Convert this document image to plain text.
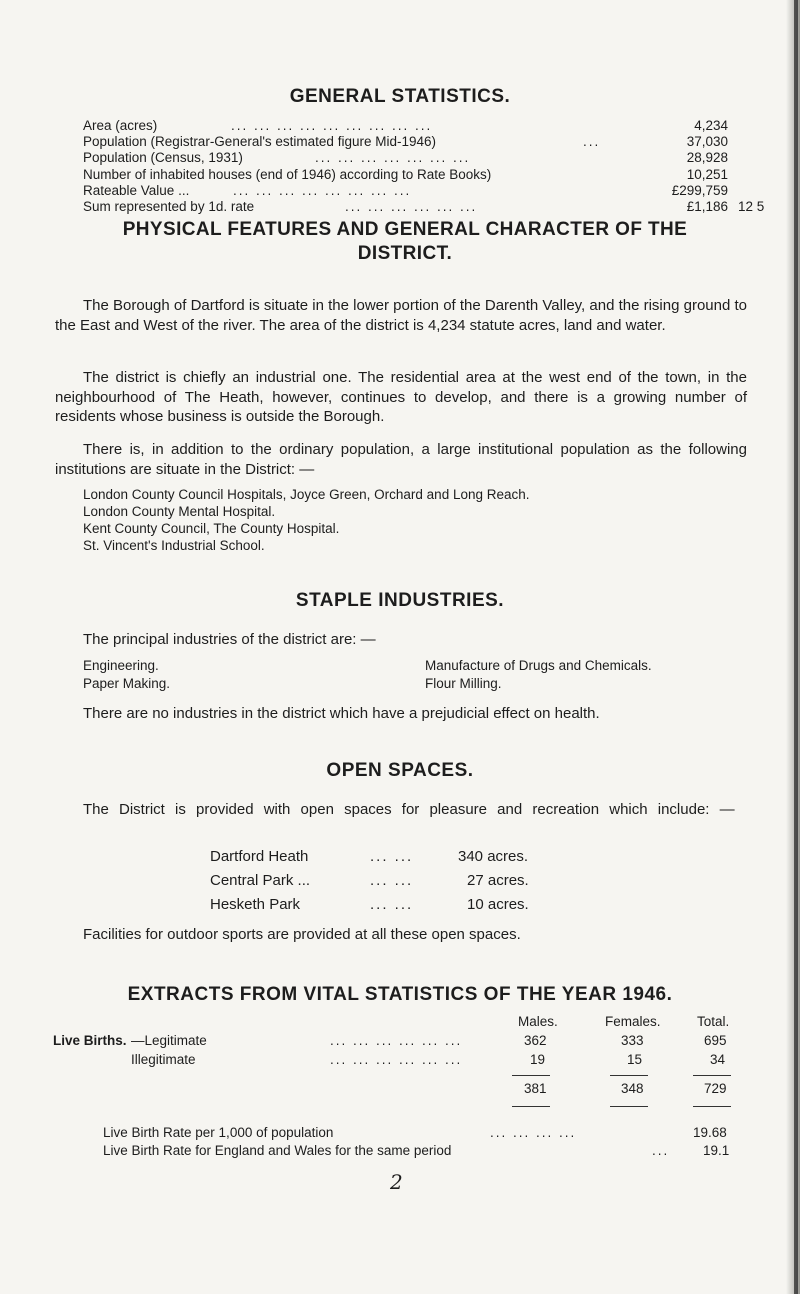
GENERAL STATISTICS.
Area (acres)	... ... ... ... ... ... ... ... ...	4,234
Population (Registrar-General's estimated figure Mid-1946)	...	37,030
Population (Census, 1931)	... ... ... ... ... ... ...	28,928
Number of inhabited houses (end of 1946) according to Rate Books)	10,251
Rateable Value ...	... ... ... ... ... ... ... ...	£299,759
Sum represented by 1d. rate	... ... ... ... ... ...	£1,186 12 5
PHYSICAL FEATURES AND GENERAL CHARACTER OF THE
DISTRICT.

The Borough of Dartford is situate in the lower portion of the Darenth Valley, and the rising ground to the East and West of the river. The area of the district is 4,234 statute acres, land and water.

The district is chiefly an industrial one. The residential area at the west end of the town, in the neighbourhood of The Heath, however, continues to develop, and there is a growing number of residents whose business is outside the Borough.

There is, in addition to the ordinary population, a large institutional population as the following institutions are situate in the District: —

London County Council Hospitals, Joyce Green, Orchard and Long Reach.
London County Mental Hospital.
Kent County Council, The County Hospital.
St. Vincent's Industrial School.
STAPLE INDUSTRIES.

The principal industries of the district are: —

Engineering.
Paper Making.
Manufacture of Drugs and Chemicals.
Flour Milling.

There are no industries in the district which have a prejudicial effect on health.

OPEN SPACES.

The District is provided with open spaces for pleasure and recreation which include: —

Dartford Heath	... ...	340 acres.
Central Park ...	... ...	27 acres.
Hesketh Park	... ...	10 acres.

Facilities for outdoor sports are provided at all these open spaces.

EXTRACTS FROM VITAL STATISTICS OF THE YEAR 1946.
Males.	Females.	Total.
Live Births. —Legitimate	... ... ... ... ... ...	362	333	695
Illegitimate	... ... ... ... ... ...	19	15	34
381	348	729
Live Birth Rate per 1,000 of population	... ... ... ...	19.68
Live Birth Rate for England and Wales for the same period	... 19.1
2
